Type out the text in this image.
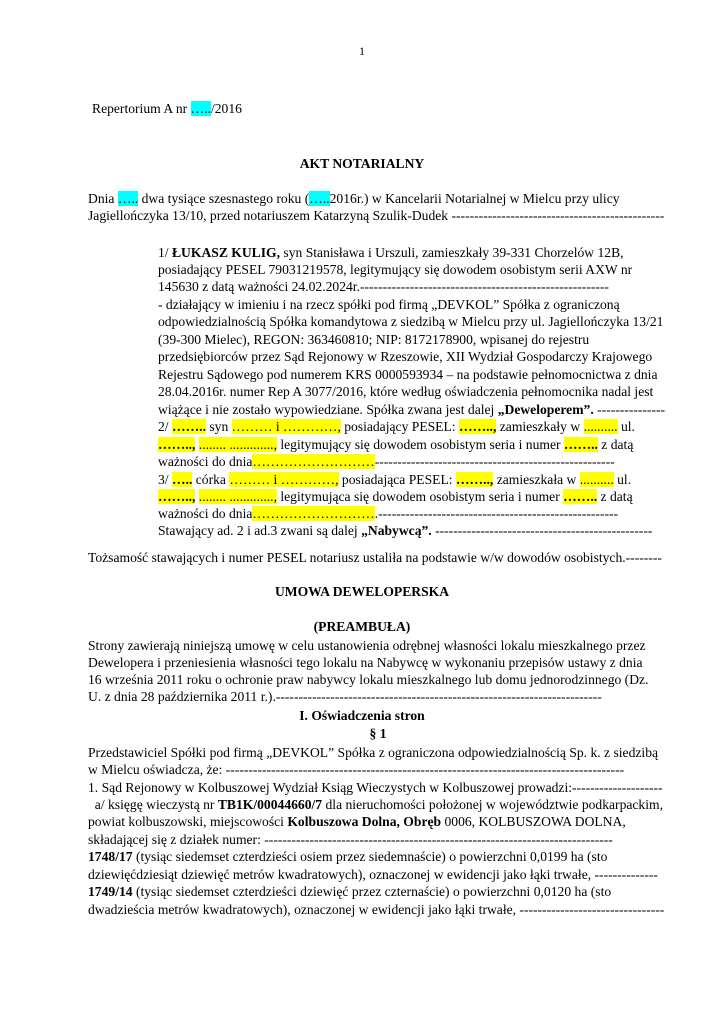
1
Repertorium A nr …../2016
AKT NOTARIALNY
Dnia ….. dwa tysiące szesnastego roku (…..2016r.) w Kancelarii Notarialnej w Mielcu przy ulicy
Jagiellończyka 13/10, przed notariuszem Katarzyną Szulik-Dudek -----------------------------------------------
1/ ŁUKASZ KULIG, syn Stanisława i Urszuli, zamieszkały 39-331 Chorzelów 12B,
posiadający PESEL 79031219578, legitymujący się dowodem osobistym serii AXW nr
145630 z datą ważności 24.02.2024r.-------------------------------------------------------
- działający w imieniu i na rzecz spółki pod firmą „DEVKOL” Spółka z ograniczoną
odpowiedzialnością Spółka komandytowa z siedzibą w Mielcu przy ul. Jagiellończyka 13/21
(39-300 Mielec), REGON: 363460810; NIP: 8172178900, wpisanej do rejestru
przedsiębiorców przez Sąd Rejonowy w Rzeszowie, XII Wydział Gospodarczy Krajowego
Rejestru Sądowego pod numerem KRS 0000593934 – na podstawie pełnomocnictwa z dnia
28.04.2016r. numer Rep A 3077/2016, które według oświadczenia pełnomocnika nadal jest
wiążące i nie zostało wypowiedziane. Spółka zwana jest dalej „Deweloperem”. ---------------
2/ …….. syn ……… i …………, posiadający PESEL: …….., zamieszkały w .......... ul.
…….., ........ ............., legitymujący się dowodem osobistym seria i numer …….. z datą
ważności do dnia………………………-----------------------------------------------------
3/ ….. córka ……… i …………, posiadająca PESEL: …….., zamieszkała w .......... ul.
…….., ........ ............., legitymująca się dowodem osobistym seria i numer …….. z datą
ważności do dnia……………………….-----------------------------------------------------
Stawający ad. 2 i ad.3 zwani są dalej „Nabywcą”. ------------------------------------------------
Tożsamość stawających i numer PESEL notariusz ustaliła na podstawie w/w dowodów osobistych.--------
UMOWA DEWELOPERSKA
(PREAMBUŁA)
Strony zawierają niniejszą umowę w celu ustanowienia odrębnej własności lokalu mieszkalnego przez
Dewelopera i przeniesienia własności tego lokalu na Nabywcę w wykonaniu przepisów ustawy z dnia
16 września 2011 roku o ochronie praw nabywcy lokalu mieszkalnego lub domu jednorodzinnego (Dz.
U. z dnia 28 października 2011 r.).------------------------------------------------------------------------
I. Oświadczenia stron
§ 1
Przedstawiciel Spółki pod firmą „DEVKOL” Spółka z ograniczona odpowiedzialnością Sp. k. z siedzibą
w Mielcu oświadcza, że: ----------------------------------------------------------------------------------------
1. Sąd Rejonowy w Kolbuszowej Wydział Ksiąg Wieczystych w Kolbuszowej prowadzi:--------------------
a/ księgę wieczystą nr TB1K/00044660/7 dla nieruchomości położonej w województwie podkarpackim,
powiat kolbuszowski, miejscowości Kolbuszowa Dolna, Obręb 0006, KOLBUSZOWA DOLNA,
składającej się z działek numer: -----------------------------------------------------------------------------
1748/17 (tysiąc siedemset czterdzieści osiem przez siedemnaście) o powierzchni 0,0199 ha (sto
dziewięćdziesiąt dziewięć metrów kwadratowych), oznaczonej w ewidencji jako łąki trwałe, --------------
1749/14 (tysiąc siedemset czterdzieści dziewięć przez czternaście) o powierzchni 0,0120 ha (sto
dwadzieścia metrów kwadratowych), oznaczonej w ewidencji jako łąki trwałe, --------------------------------
